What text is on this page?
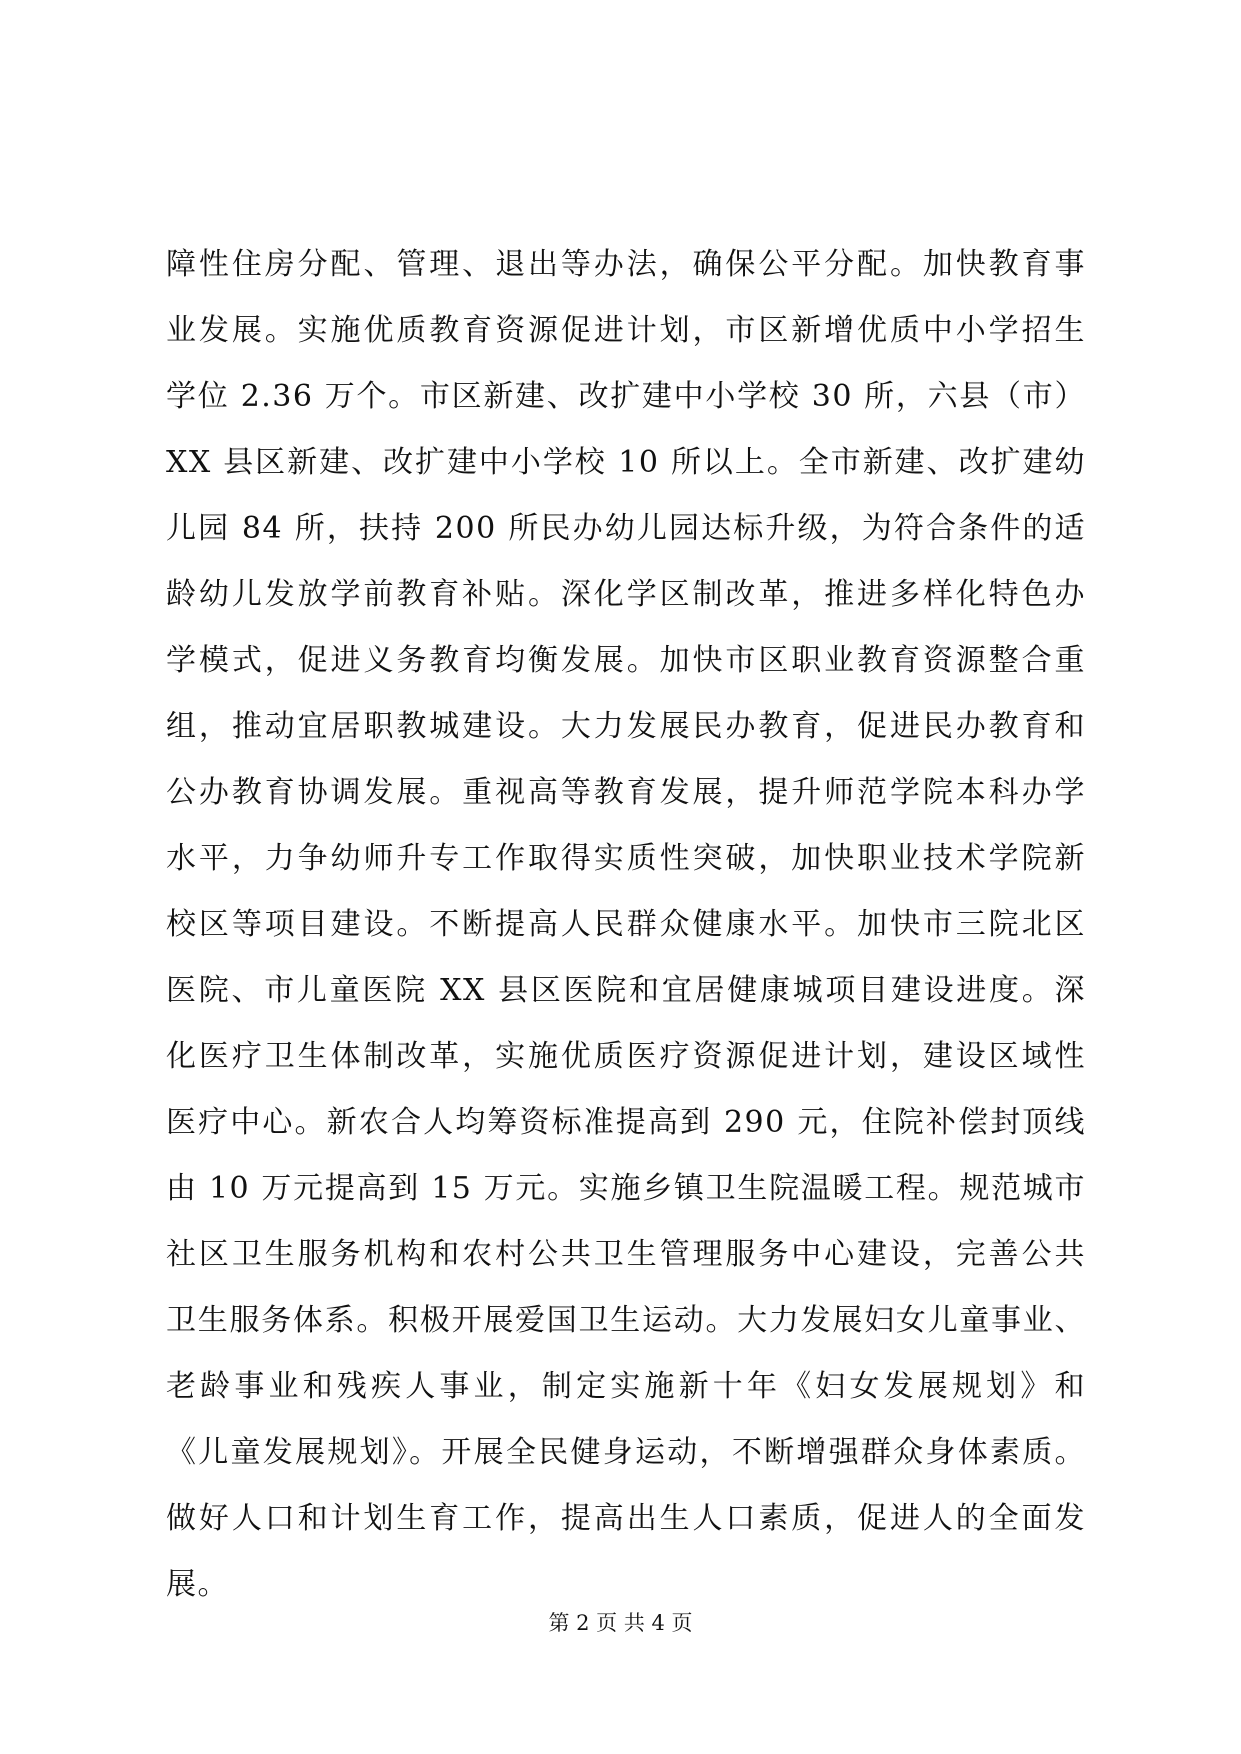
障性住房分配、管理、退出等办法，确保公平分配。加快教育事
业发展。实施优质教育资源促进计划，市区新增优质中小学招生
学位 2.36 万个。市区新建、改扩建中小学校 30 所，六县（市）
XX 县区新建、改扩建中小学校 10 所以上。全市新建、改扩建幼
儿园 84 所，扶持 200 所民办幼儿园达标升级，为符合条件的适
龄幼儿发放学前教育补贴。深化学区制改革，推进多样化特色办
学模式，促进义务教育均衡发展。加快市区职业教育资源整合重
组，推动宜居职教城建设。大力发展民办教育，促进民办教育和
公办教育协调发展。重视高等教育发展，提升师范学院本科办学
水平，力争幼师升专工作取得实质性突破，加快职业技术学院新
校区等项目建设。不断提高人民群众健康水平。加快市三院北区
医院、市儿童医院 XX 县区医院和宜居健康城项目建设进度。深
化医疗卫生体制改革，实施优质医疗资源促进计划，建设区域性
医疗中心。新农合人均筹资标准提高到 290 元，住院补偿封顶线
由 10 万元提高到 15 万元。实施乡镇卫生院温暖工程。规范城市
社区卫生服务机构和农村公共卫生管理服务中心建设，完善公共
卫生服务体系。积极开展爱国卫生运动。大力发展妇女儿童事业、
老龄事业和残疾人事业，制定实施新十年《妇女发展规划》和
《儿童发展规划》。开展全民健身运动，不断增强群众身体素质。
做好人口和计划生育工作，提高出生人口素质，促进人的全面发
展。
第 2 页 共 4 页
